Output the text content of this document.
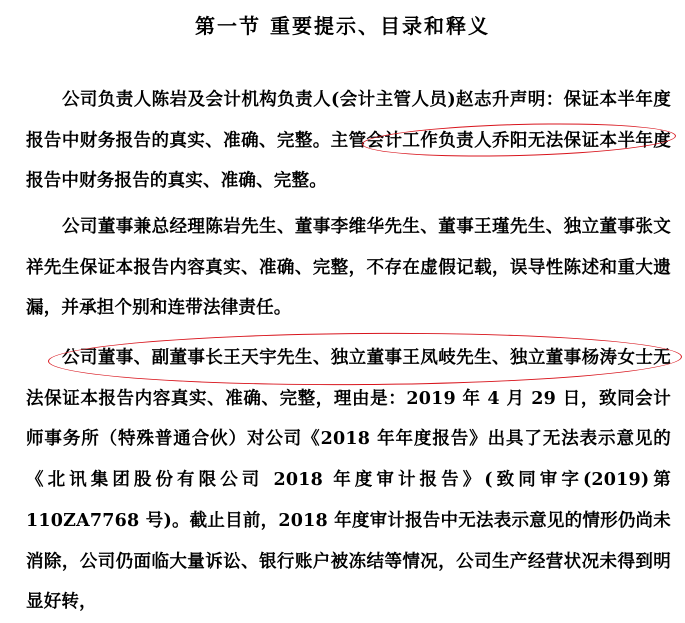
第一节 重要提示、目录和释义

公司负责人陈岩及会计机构负责人(会计主管人员)赵志升声明：保证本半年度报告中财务报告的真实、准确、完整。主管会计工作负责人乔阳无法保证本半年度报告中财务报告的真实、准确、完整。

公司董事兼总经理陈岩先生、董事李维华先生、董事王瑾先生、独立董事张文祥先生保证本报告内容真实、准确、完整，不存在虚假记载，误导性陈述和重大遗漏，并承担个别和连带法律责任。

公司董事、副董事长王天宇先生、独立董事王凤岐先生、独立董事杨涛女士无法保证本报告内容真实、准确、完整，理由是：2019 年 4 月 29 日，致同会计师事务所（特殊普通合伙）对公司《2018 年年度报告》出具了无法表示意见的《北讯集团股份有限公司 2018 年度审计报告》(致同审字(2019)第 110ZA7768 号)。截止目前，2018 年度审计报告中无法表示意见的情形仍尚未消除，公司仍面临大量诉讼、银行账户被冻结等情况，公司生产经营状况未得到明显好转，
